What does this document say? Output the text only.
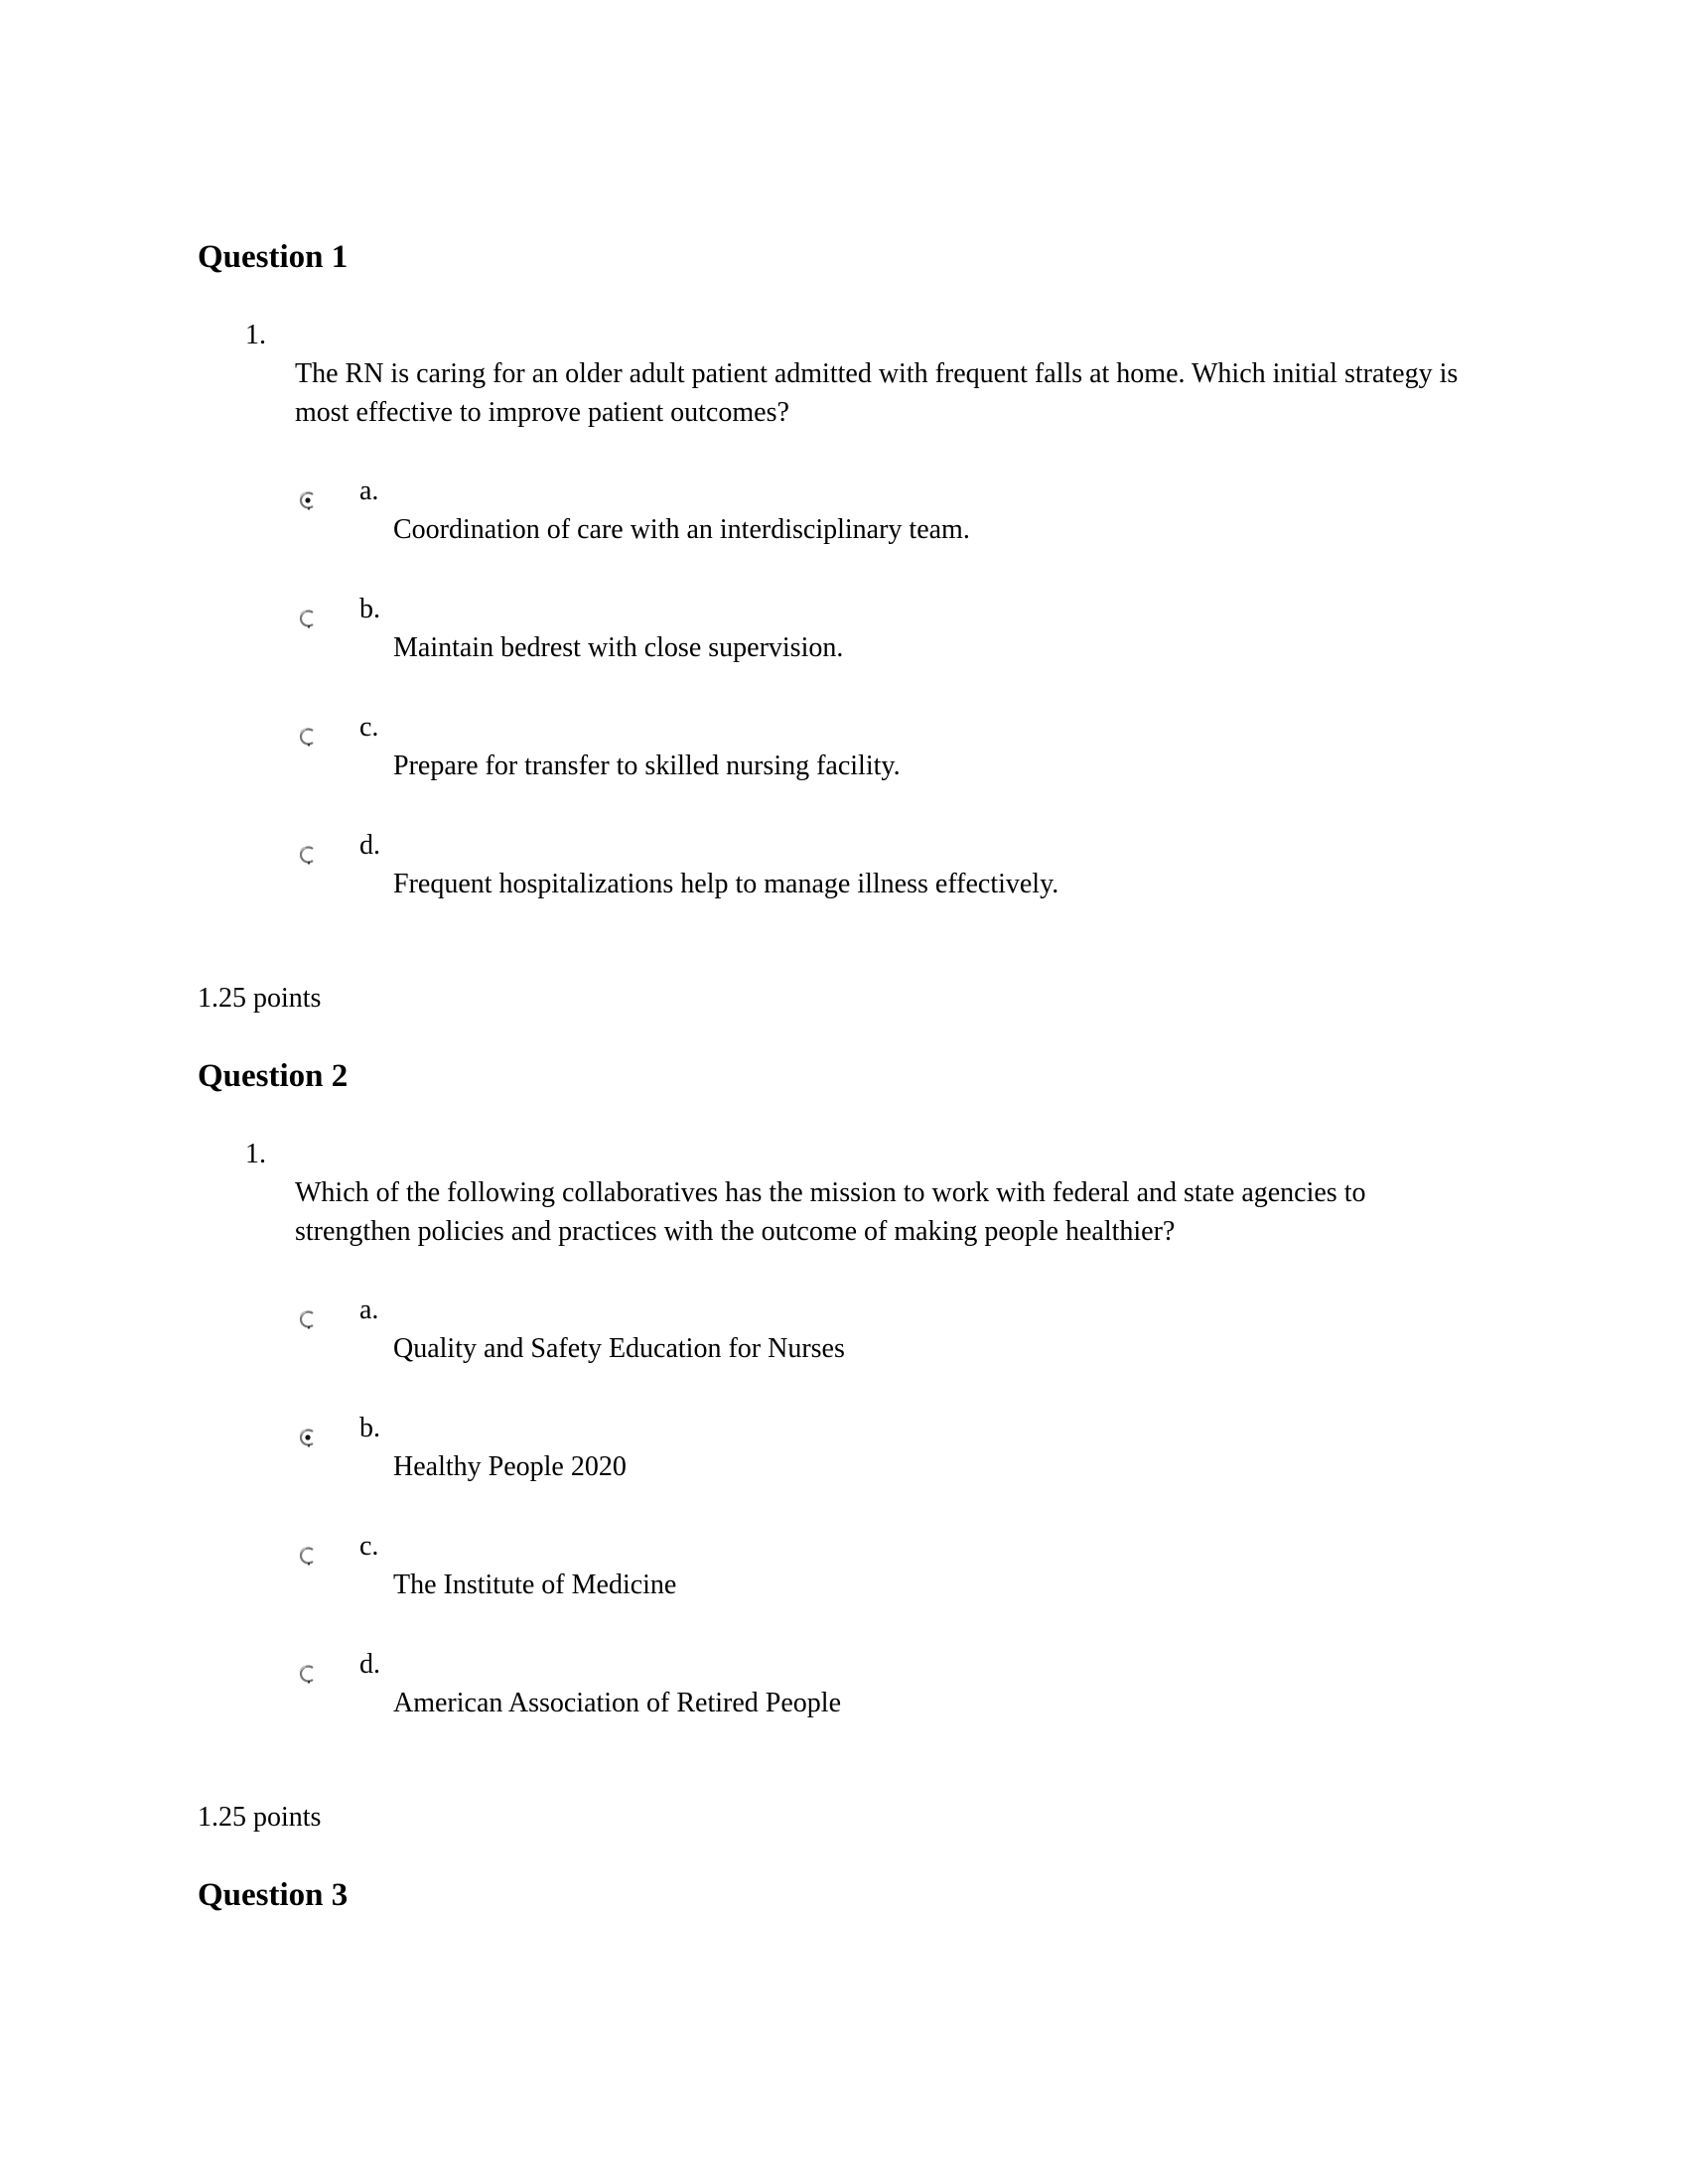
Question 1
1.
The RN is caring for an older adult patient admitted with frequent falls at home. Which initial strategy is most effective to improve patient outcomes?
a.
Coordination of care with an interdisciplinary team.
b.
Maintain bedrest with close supervision.
c.
Prepare for transfer to skilled nursing facility.
d.
Frequent hospitalizations help to manage illness effectively.
1.25 points
Question 2
1.
Which of the following collaboratives has the mission to work with federal and state agencies to strengthen policies and practices with the outcome of making people healthier?
a.
Quality and Safety Education for Nurses
b.
Healthy People 2020
c.
The Institute of Medicine
d.
American Association of Retired People
1.25 points
Question 3
